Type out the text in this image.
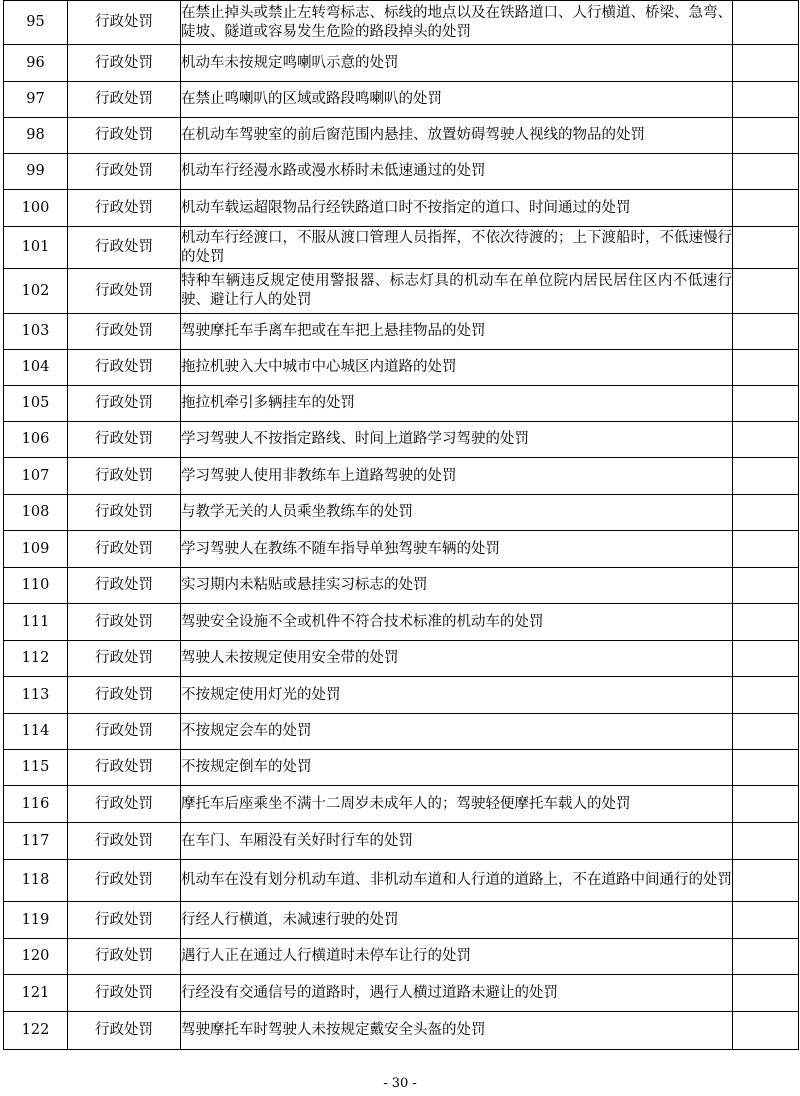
95	行政处罚	在禁止掉头或禁止左转弯标志、标线的地点以及在铁路道口、人行横道、桥梁、急弯、陡坡、隧道或容易发生危险的路段掉头的处罚	
96	行政处罚	机动车未按规定鸣喇叭示意的处罚	
97	行政处罚	在禁止鸣喇叭的区域或路段鸣喇叭的处罚	
98	行政处罚	在机动车驾驶室的前后窗范围内悬挂、放置妨碍驾驶人视线的物品的处罚	
99	行政处罚	机动车行经漫水路或漫水桥时未低速通过的处罚	
100	行政处罚	机动车载运超限物品行经铁路道口时不按指定的道口、时间通过的处罚	
101	行政处罚	机动车行经渡口，不服从渡口管理人员指挥，不依次待渡的；上下渡船时，不低速慢行的处罚	
102	行政处罚	特种车辆违反规定使用警报器、标志灯具的机动车在单位院内居民居住区内不低速行驶、避让行人的处罚	
103	行政处罚	驾驶摩托车手离车把或在车把上悬挂物品的处罚	
104	行政处罚	拖拉机驶入大中城市中心城区内道路的处罚	
105	行政处罚	拖拉机牵引多辆挂车的处罚	
106	行政处罚	学习驾驶人不按指定路线、时间上道路学习驾驶的处罚	
107	行政处罚	学习驾驶人使用非教练车上道路驾驶的处罚	
108	行政处罚	与教学无关的人员乘坐教练车的处罚	
109	行政处罚	学习驾驶人在教练不随车指导单独驾驶车辆的处罚	
110	行政处罚	实习期内未粘贴或悬挂实习标志的处罚	
111	行政处罚	驾驶安全设施不全或机件不符合技术标准的机动车的处罚	
112	行政处罚	驾驶人未按规定使用安全带的处罚	
113	行政处罚	不按规定使用灯光的处罚	
114	行政处罚	不按规定会车的处罚	
115	行政处罚	不按规定倒车的处罚	
116	行政处罚	摩托车后座乘坐不满十二周岁未成年人的；驾驶轻便摩托车载人的处罚	
117	行政处罚	在车门、车厢没有关好时行车的处罚	
118	行政处罚	机动车在没有划分机动车道、非机动车道和人行道的道路上，不在道路中间通行的处罚	
119	行政处罚	行经人行横道，未减速行驶的处罚	
120	行政处罚	遇行人正在通过人行横道时未停车让行的处罚	
121	行政处罚	行经没有交通信号的道路时，遇行人横过道路未避让的处罚	
122	行政处罚	驾驶摩托车时驾驶人未按规定戴安全头盔的处罚	
- 30 -
